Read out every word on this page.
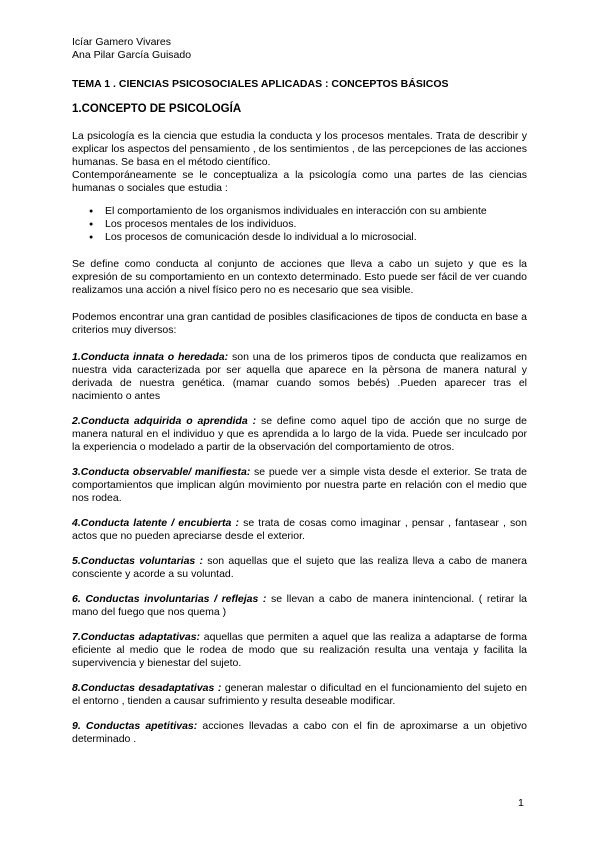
Icíar Gamero Vivares

Ana Pilar García Guisado

TEMA 1 . CIENCIAS PSICOSOCIALES APLICADAS : CONCEPTOS BÁSICOS
1.CONCEPTO DE PSICOLOGÍA

La psicología es la ciencia que estudia la conducta y los procesos mentales. Trata de describir y explicar los aspectos del pensamiento , de los sentimientos , de las percepciones de las acciones humanas. Se basa en el método científico.

Contemporáneamente se le conceptualiza a la psicología como una partes de las ciencias humanas o sociales que estudia :

● El comportamiento de los organismos individuales en interacción con su ambiente
● Los procesos mentales de los individuos.
● Los procesos de comunicación desde lo individual a lo microsocial.

Se define como conducta al conjunto de acciones que lleva a cabo un sujeto y que es la expresión de su comportamiento en un contexto determinado. Esto puede ser fácil de ver cuando realizamos una acción a nivel físico pero no es necesario que sea visible.

Podemos encontrar una gran cantidad de posibles clasificaciones de tipos de conducta en base a criterios muy diversos:

1.Conducta innata o heredada: son una de los primeros tipos de conducta que realizamos en nuestra vida caracterizada por ser aquella que aparece en la pèrsona de manera natural y derivada de nuestra genética. (mamar cuando somos bebés) .Pueden aparecer tras el nacimiento o antes

2.Conducta adquirida o aprendida : se define como aquel tipo de acción que no surge de manera natural en el individuo y que es aprendida a lo largo de la vida. Puede ser inculcado por la experiencia o modelado a partir de la observación del comportamiento de otros.

3.Conducta observable/ manifiesta: se puede ver a simple vista desde el exterior. Se trata de comportamientos que implican algún movimiento por nuestra parte en relación con el medio que nos rodea.

4.Conducta latente / encubierta : se trata de cosas como imaginar , pensar , fantasear , son actos que no pueden apreciarse desde el exterior.

5.Conductas voluntarias : son aquellas que el sujeto que las realiza lleva a cabo de manera consciente y acorde a su voluntad.

6. Conductas involuntarias / reflejas : se llevan a cabo de manera inintencional. ( retirar la mano del fuego que nos quema )

7.Conductas adaptativas: aquellas que permiten a aquel que las realiza a adaptarse de forma eficiente al medio que le rodea de modo que su realización resulta una ventaja y facilita la supervivencia y bienestar del sujeto.

8.Conductas desadaptativas : generan malestar o dificultad en el funcionamiento del sujeto en el entorno , tienden a causar sufrimiento y resulta deseable modificar.

9. Conductas apetitivas: acciones llevadas a cabo con el fin de aproximarse a un objetivo determinado .

1
